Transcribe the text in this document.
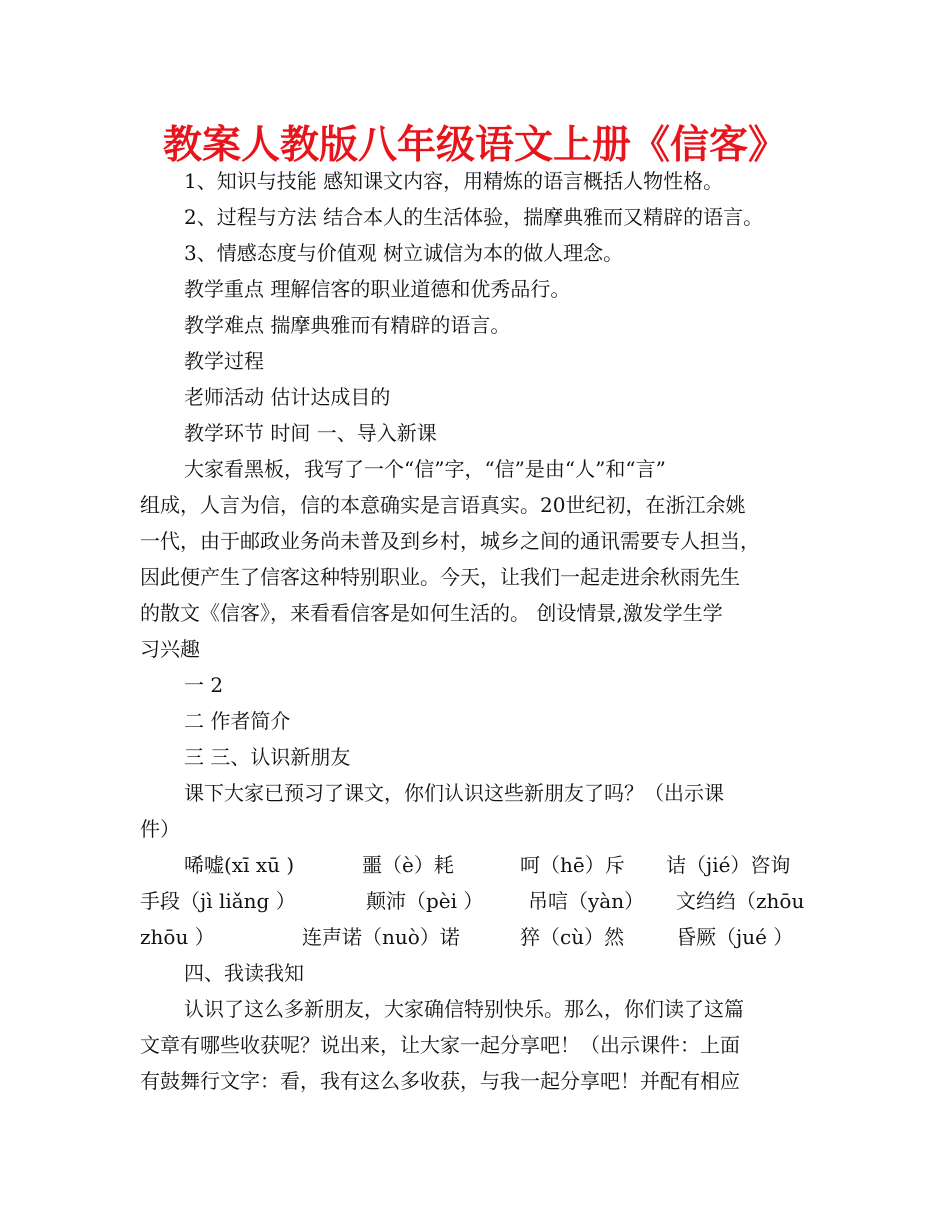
教案人教版八年级语文上册《信客》

1、知识与技能 感知课文内容，用精炼的语言概括人物性格。

2、过程与方法 结合本人的生活体验，揣摩典雅而又精辟的语言。

3、情感态度与价值观 树立诚信为本的做人理念。

教学重点 理解信客的职业道德和优秀品行。

教学难点 揣摩典雅而有精辟的语言。

教学过程

老师活动 估计达成目的

教学环节 时间 一、导入新课

大家看黑板，我写了一个“信”字，“信”是由“人”和“言”

组成，人言为信，信的本意确实是言语真实。20世纪初，在浙江余姚

一代，由于邮政业务尚未普及到乡村，城乡之间的通讯需要专人担当，

因此便产生了信客这种特别职业。今天，让我们一起走进余秋雨先生

的散文《信客》，来看看信客是如何生活的。 创设情景,激发学生学

习兴趣

一 2

二 作者简介

三 三、认识新朋友

课下大家已预习了课文，你们认识这些新朋友了吗？（出示课

件）

唏嘘(xī xū )	噩（è）耗	呵（hē）斥 诘（jié）咨询
手段（jì liǎng ）	颠沛（pèi ） 吊唁（yàn） 文绉绉（zhōu
zhōu ）	连声诺（nuò）诺	猝（cù）然	昏厥（jué ）

四、我读我知

认识了这么多新朋友，大家确信特别快乐。那么，你们读了这篇

文章有哪些收获呢？说出来，让大家一起分享吧！（出示课件：上面

有鼓舞行文字：看，我有这么多收获，与我一起分享吧！并配有相应
